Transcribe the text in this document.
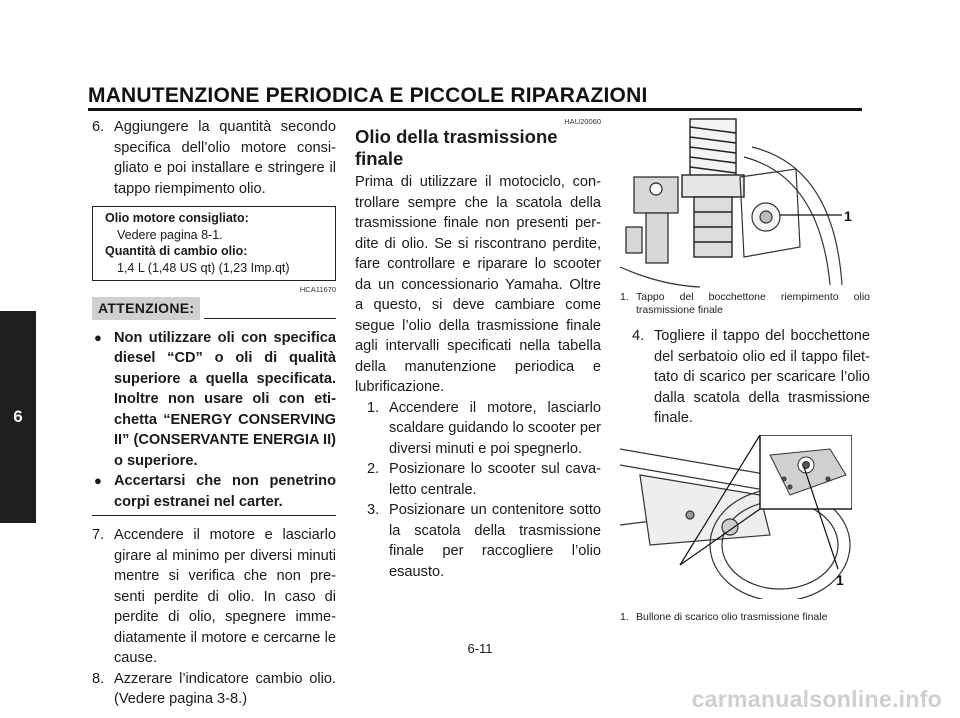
MANUTENZIONE PERIODICA E PICCOLE RIPARAZIONI
6
6. Aggiungere la quantità secondo specifica dell’olio motore consigliato e poi installare e stringere il tappo riempimento olio.
Olio motore consigliato:
Vedere pagina 8-1.
Quantità di cambio olio:
1,4 L (1,48 US qt) (1,23 Imp.qt)
HCA11670
ATTENZIONE:
● Non utilizzare oli con specifica diesel “CD” o oli di qualità superiore a quella specificata. Inoltre non usare oli con etichetta “ENERGY CONSERVING II” (CONSERVANTE ENERGIA II) o superiore.
● Accertarsi che non penetrino corpi estranei nel carter.
7. Accendere il motore e lasciarlo girare al minimo per diversi minuti mentre si verifica che non presenti perdite di olio. In caso di perdite di olio, spegnere immediatamente il motore e cercarne le cause.
8. Azzerare l’indicatore cambio olio. (Vedere pagina 3-8.)
HAU20060
Olio della trasmissione finale
Prima di utilizzare il motociclo, controllare sempre che la scatola della trasmissione finale non presenti perdite di olio. Se si riscontrano perdite, fare controllare e riparare lo scooter da un concessionario Yamaha. Oltre a questo, si deve cambiare come segue l’olio della trasmissione finale agli intervalli specificati nella tabella della manutenzione periodica e lubrificazione.
1. Accendere il motore, lasciarlo scaldare guidando lo scooter per diversi minuti e poi spegnerlo.
2. Posizionare lo scooter sul cavaletto centrale.
3. Posizionare un contenitore sotto la scatola della trasmissione finale per raccogliere l’olio esausto.
1
1. Tappo del bocchettone riempimento olio trasmissione finale
4. Togliere il tappo del bocchettone del serbatoio olio ed il tappo filettato di scarico per scaricare l’olio dalla scatola della trasmissione finale.
1
1. Bullone di scarico olio trasmissione finale
6-11
carmanualsonline.info
